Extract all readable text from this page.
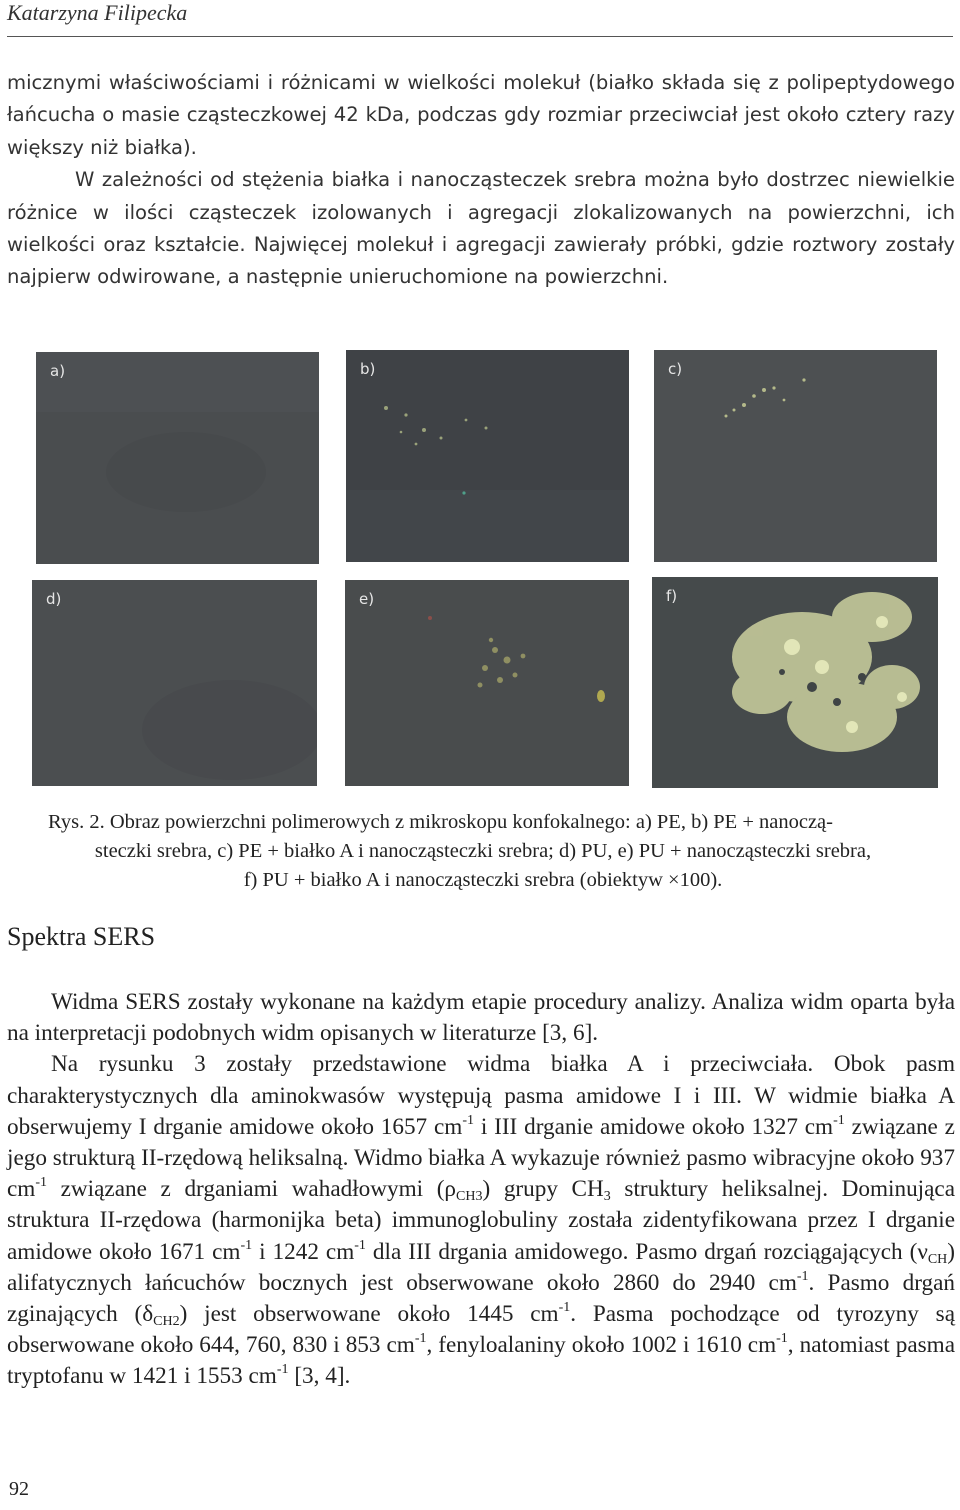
Katarzyna Filipecka

micznymi właściwościami i różnicami w wielkości molekuł (białko składa się z polipeptydowego łańcucha o masie cząsteczkowej 42 kDa, podczas gdy rozmiar przeciwciał jest około cztery razy większy niż białka).

W zależności od stężenia białka i nanocząsteczek srebra można było dostrzec niewielkie różnice w ilości cząsteczek izolowanych i agregacji zlokalizowanych na powierzchni, ich wielkości oraz kształcie. Najwięcej molekuł i agregacji zawierały próbki, gdzie roztwory zostały najpierw odwirowane, a następnie unieruchomione na powierzchni.

a)	b)	c)
d)	e)	f)
Rys. 2. Obraz powierzchni polimerowych z mikroskopu konfokalnego: a) PE, b) PE + nanoczą-
steczki srebra, c) PE + białko A i nanocząsteczki srebra; d) PU, e) PU + nanocząsteczki srebra,
f) PU + białko A i nanocząsteczki srebra (obiektyw ×100).
Spektra SERS

Widma SERS zostały wykonane na każdym etapie procedury analizy. Analiza widm oparta była na interpretacji podobnych widm opisanych w literaturze [3, 6].

Na rysunku 3 zostały przedstawione widma białka A i przeciwciała. Obok pasm charakterystycznych dla aminokwasów występują pasma amidowe I i III. W widmie białka A obserwujemy I drganie amidowe około 1657 $cm^{-1}$ i III drganie amidowe około 1327 $cm^{-1}$ związane z jego strukturą II-rzędową heliksalną. Widmo białka A wykazuje również pasmo wibracyjne około 937 $cm^{-1}$ związane z drganiami wahadłowymi $(\rho_{CH3})$ grupy $CH_3$ struktury heliksalnej. Dominująca struktura II-rzędowa (harmonijka beta) immunoglobuliny została zidentyfikowana przez I drganie amidowe około 1671 $cm^{-1}$ i 1242 $cm^{-1}$ dla III drgania amidowego. Pasmo drgań rozciągających $(\nu_{CH})$ alifatycznych łańcuchów bocznych jest obserwowane około 2860 do 2940 $cm^{-1}$. Pasmo drgań zginających $(\delta_{CH2})$ jest obserwowane około 1445 $cm^{-1}$. Pasma pochodzące od tyrozyny są obserwowane około 644, 760, 830 i 853 $cm^{-1}$, fenyloalaniny około 1002 i 1610 $cm^{-1}$, natomiast pasma tryptofanu w 1421 i 1553 $cm^{-1}$ [3, 4].

92
